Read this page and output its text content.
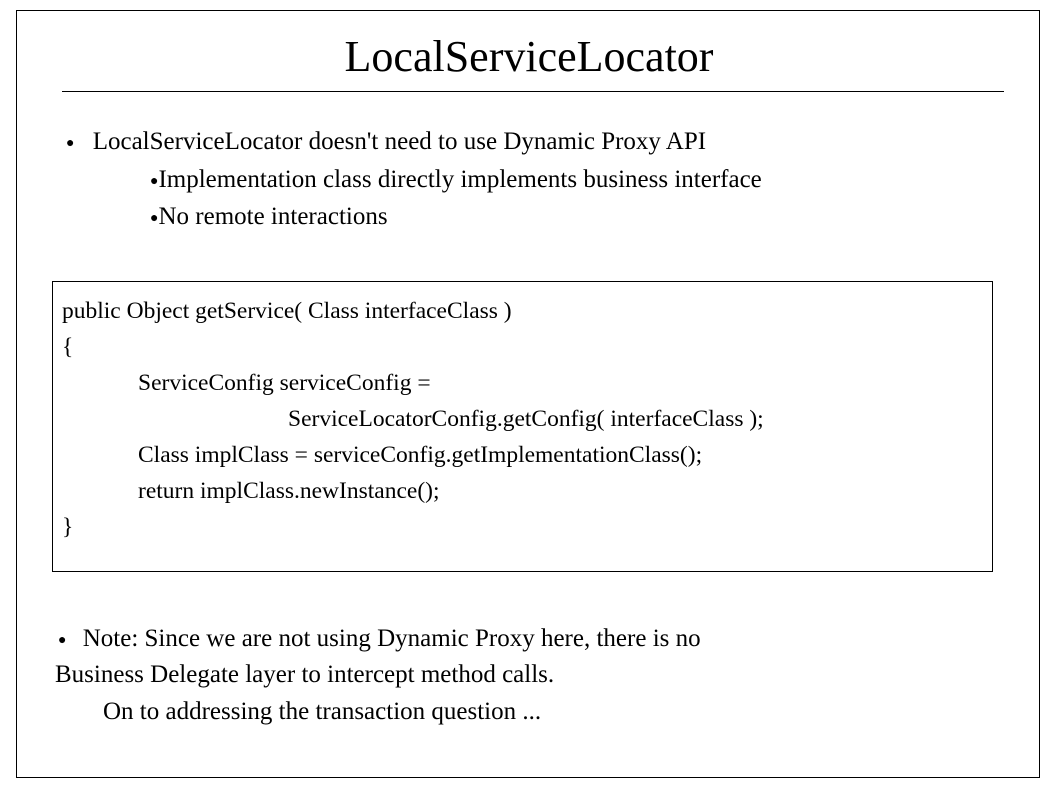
LocalServiceLocator
● LocalServiceLocator doesn't need to use Dynamic Proxy API
●Implementation class directly implements business interface
●No remote interactions
public Object getService( Class interfaceClass )
{
ServiceConfig serviceConfig =
ServiceLocatorConfig.getConfig( interfaceClass );
Class implClass = serviceConfig.getImplementationClass();
return implClass.newInstance();
}
● Note: Since we are not using Dynamic Proxy here, there is no
Business Delegate layer to intercept method calls.
On to addressing the transaction question ...
